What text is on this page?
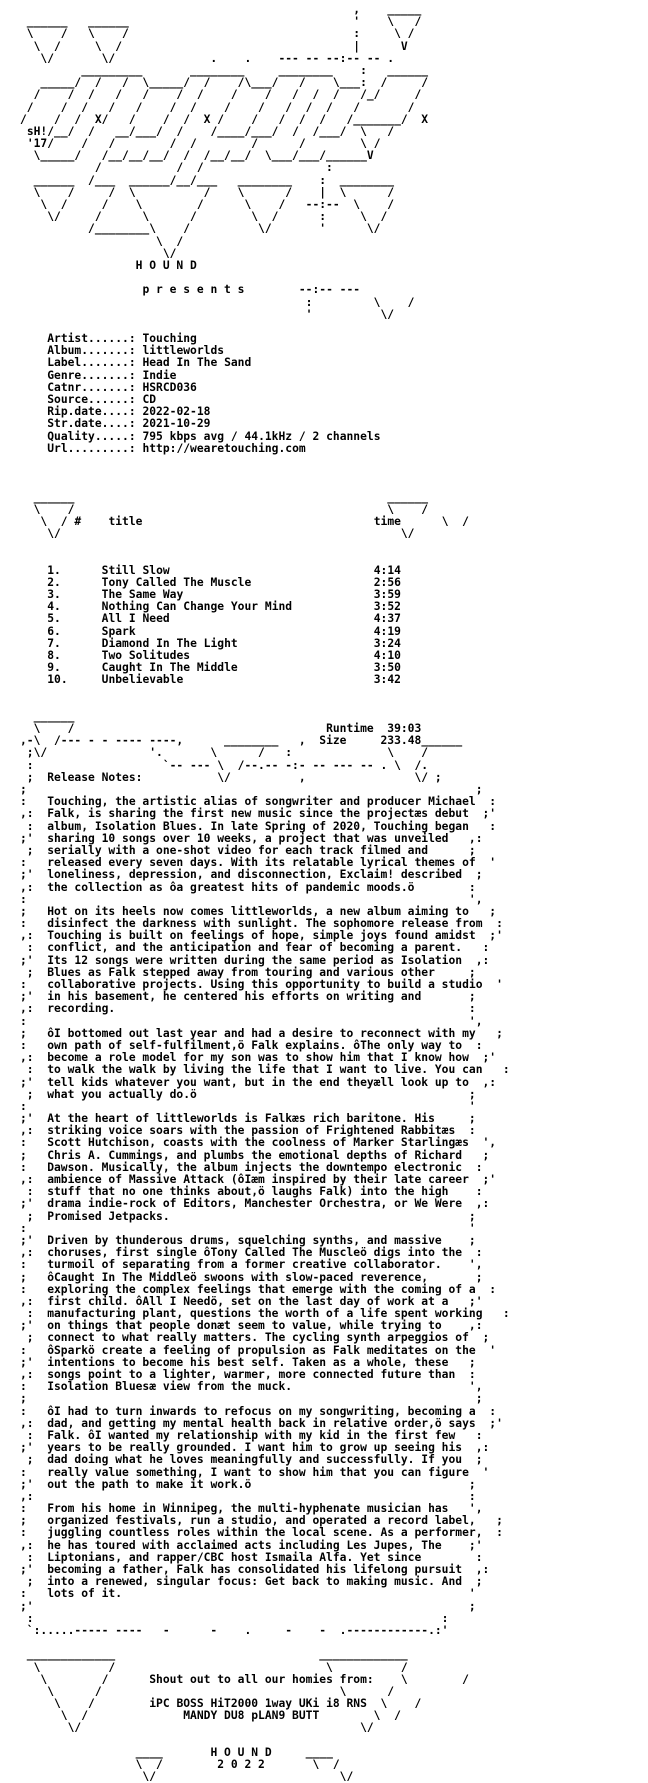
,    _____
______   ______                                 '    \   /
\    /   \    /                                 :     \ /
\  /     \  /                                  |      V
\/       \/              .    .    --- -- --:-- -- .
_________       ________     ________    :   ______
_____/  /   /  \_____/  /    /\___/   /    \___:  /     /
/    /  /   /   /    /  /    /    /   /  /  /   /_/     /
/    /  /   /   /    /  /    /    /   /  /  /   /       /
/    /  /  X/   /    /  /  X /    /   /  /  /   /_______/  X
sH!/__/  /   __/___/  /    /____/___/  /  /___/  \   /
'17/    /   /        /  /        /      /        \ /
\_____/   /__/__/__/  /  /__/__/  \___/___/______V
/           /  /                  :
______  /___  ______/__/___   ________    :  ________
\    /     /  \          /    \      /    |  \      /
\  /     /    \        /      \    /   --:--  \    /
\/     /      \      /        \  /      :     \  /
/________\    /          \/       '      \/
\  /
\/
H O U N D
p r e s e n t s        --:-- ---
:         \    /
'          \/
Artist......: Touching
Album.......: littleworlds
Label.......: Head In The Sand
Genre.......: Indie
Catnr.......: HSRCD036
Source......: CD
Rip.date....: 2022-02-18
Str.date....: 2021-10-29
Quality.....: 795 kbps avg / 44.1kHz / 2 channels
Url.........: http://wearetouching.com
______                                              ______
\    /                                              \    /
\  / # title	time      \  /
\/                                                  \/
1.      Still Slow	4:14
2.      Tony Called The Muscle	2:56
3.      The Same Way	3:59
4.      Nothing Can Change Your Mind	3:52
5.      All I Need	4:37
6.      Spark	4:19
7.      Diamond In The Light	3:24
8.      Two Solitudes	4:10
9.      Caught In The Middle	3:50
10.     Unbelievable	3:42
______
\    /                                     Runtime 39:03
,-\  /--- - - ---- ----,      ________   ,  Size	233.48______
;\/               '.       \      /   :              \    /
:                   `-- --- \  /--.-- -:- -- --- -- . \  /.
;  Release Notes:           \/          ,                \/ ;
;	;
:   Touching, the artistic alias of songwriter and producer Michael  :
,:  Falk, is sharing the first new music since the projectæs debut  ;'
:  album, Isolation Blues. In late Spring of 2020, Touching began   :
;'  sharing 10 songs over 10 weeks, a project that was unveiled   ,:
;  serially with a one-shot video for each track filmed and      ;
:   released every seven days. With its relatable lyrical themes of  '
;'  loneliness, depression, and disconnection, Exclaim! described  ;
,:  the collection as ôa greatest hits of pandemic moods.ö        :
:	',
;   Hot on its heels now comes littleworlds, a new album aiming to   ;
:   disinfect the darkness with sunlight. The sophomore release from  :
,:  Touching is built on feelings of hope, simple joys found amidst  ;'
:  conflict, and the anticipation and fear of becoming a parent.   :
;'  Its 12 songs were written during the same period as Isolation  ,:
;  Blues as Falk stepped away from touring and various other     ;
:   collaborative projects. Using this opportunity to build a studio  '
;'  in his basement, he centered his efforts on writing and       ;
,:  recording.                                                    :
:	',
;   ôI bottomed out last year and had a desire to reconnect with my   ;
:   own path of self-fulfilment,ö Falk explains. ôThe only way to  :
,:  become a role model for my son was to show him that I know how  ;'
:  to walk the walk by living the life that I want to live. You can   :
;'  tell kids whatever you want, but in the end theyæll look up to  ,:
;  what you actually do.ö                                        ;
:	'
;'  At the heart of littleworlds is Falkæs rich baritone. His     ;
,:  striking voice soars with the passion of Frightened Rabbitæs  :
:   Scott Hutchison, coasts with the coolness of Marker Starlingæs  ',
;   Chris A. Cummings, and plumbs the emotional depths of Richard   ;
:   Dawson. Musically, the album injects the downtempo electronic  :
,:  ambience of Massive Attack (ôIæm inspired by their late career  ;'
:  stuff that no one thinks about,ö laughs Falk) into the high    :
;'  drama indie-rock of Editors, Manchester Orchestra, or We Were  ,:
;  Promised Jetpacks.                                            ;
:	'
;'  Driven by thunderous drums, squelching synths, and massive    ;
,:  choruses, first single ôTony Called The Muscleö digs into the  :
:   turmoil of separating from a former creative collaborator.    ',
;   ôCaught In The Middleö swoons with slow-paced reverence,       ;
:   exploring the complex feelings that emerge with the coming of a  :
,:  first child. ôAll I Needö, set on the last day of work at a   ;'
:  manufacturing plant, questions the worth of a life spent working   :
;'  on things that people donæt seem to value, while trying to    ,:
;  connect to what really matters. The cycling synth arpeggios of  ;
:   ôSparkö create a feeling of propulsion as Falk meditates on the  '
;'  intentions to become his best self. Taken as a whole, these   ;
,:  songs point to a lighter, warmer, more connected future than  :
:   Isolation Bluesæ view from the muck.                          ',
;	;
:   ôI had to turn inwards to refocus on my songwriting, becoming a  :
,:  dad, and getting my mental health back in relative order,ö says  ;'
:  Falk. ôI wanted my relationship with my kid in the first few   :
;'  years to be really grounded. I want him to grow up seeing his  ,:
;  dad doing what he loves meaningfully and successfully. If you  ;
:   really value something, I want to show him that you can figure  '
;'  out the path to make it work.ö                                ;
,:	:
:   From his home in Winnipeg, the multi-hyphenate musician has   ',
;   organized festivals, run a studio, and operated a record label,   ;
:   juggling countless roles within the local scene. As a performer,  :
,:  he has toured with acclaimed acts including Les Jupes, The    ;'
:  Liptonians, and rapper/CBC host Ismaila Alfa. Yet since        :
;'  becoming a father, Falk has consolidated his lifelong pursuit  ,:
;  into a renewed, singular focus: Get back to making music. And  ;
:   lots of it.                                                   '
;'	;
:                                                            :
`:.....----- ----   -      -    .     -    -  .------------.:'
_____________                              _____________
\          /                               \          /
\        /      Shout out to all our homies from:    \        /
\      /                                   \      /
\    /        iPC BOSS HiT2000 1way UKi i8 RNS  \    /
\  /              MANDY DU8 pLAN9 BUTT        \  /
\/                                         \/
____       H O U N D     ____
\  /        2 0 2 2       \  /
\/                           \/
